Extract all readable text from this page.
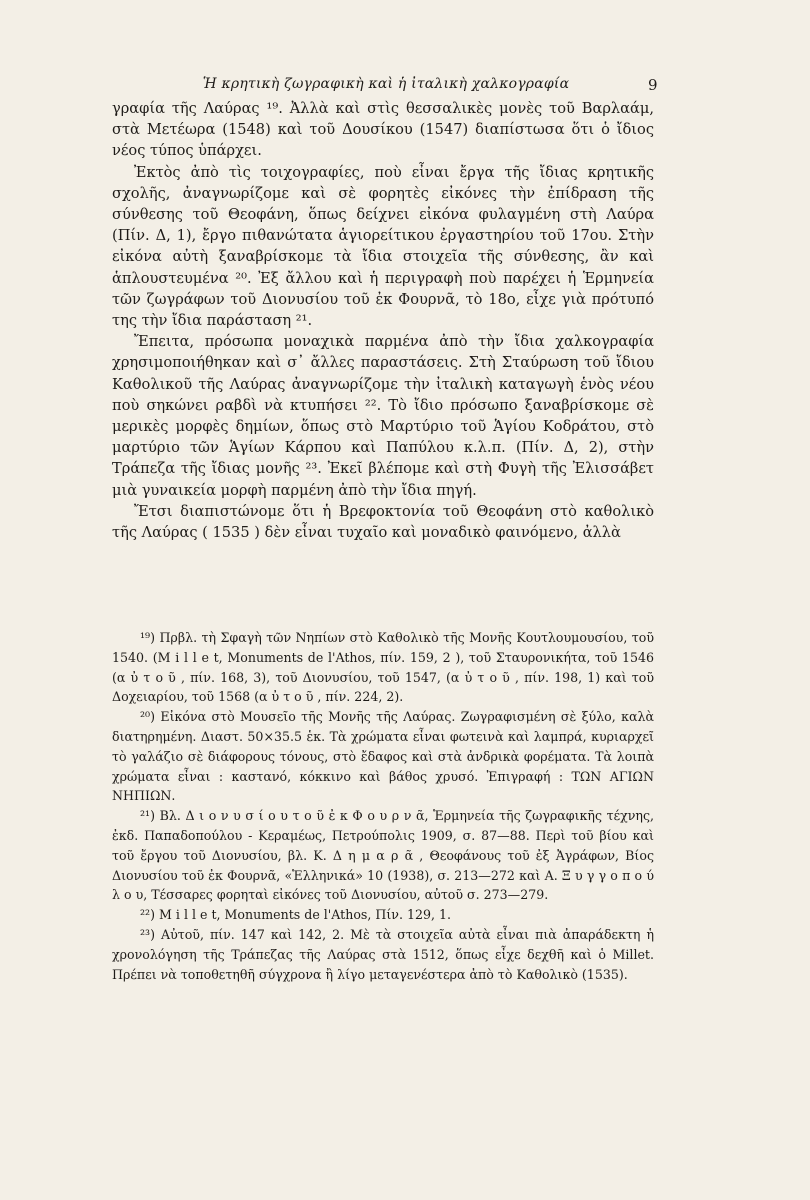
Ἡ κρητικὴ ζωγραφικὴ καὶ ἡ ἰταλικὴ χαλκογραφία	9

γραφία τῆς Λαύρας ¹⁹. Ἀλλὰ καὶ στὶς θεσσαλικὲς μονὲς τοῦ Βαρλαάμ, στὰ Μετέωρα (1548) καὶ τοῦ Δουσίκου (1547) διαπίστωσα ὅτι ὁ ἴδιος νέος τύπος ὑπάρχει.

Ἐκτὸς ἀπὸ τὶς τοιχογραφίες, ποὺ εἶναι ἔργα τῆς ἴδιας κρητικῆς σχολῆς, ἀναγνωρίζομε καὶ σὲ φορητὲς εἰκόνες τὴν ἐπίδραση τῆς σύνθεσης τοῦ Θεοφάνη, ὅπως δείχνει εἰκόνα φυλαγμένη στὴ Λαύρα (Πίν. Δ, 1), ἔργο πιθανώτατα ἁγιορείτικου ἐργαστηρίου τοῦ 17ου. Στὴν εἰκόνα αὐτὴ ξαναβρίσκομε τὰ ἴδια στοιχεῖα τῆς σύνθεσης, ἂν καὶ ἁπλουστευμένα ²⁰. Ἐξ ἄλλου καὶ ἡ περιγραφὴ ποὺ παρέχει ἡ Ἑρμηνεία τῶν ζωγράφων τοῦ Διονυσίου τοῦ ἐκ Φουρνᾶ, τὸ 18ο, εἶχε γιὰ πρότυπό της τὴν ἴδια παράσταση ²¹.

Ἔπειτα, πρόσωπα μοναχικὰ παρμένα ἀπὸ τὴν ἴδια χαλκογραφία χρησιμοποιήθηκαν καὶ σ᾽ ἄλλες παραστάσεις. Στὴ Σταύρωση τοῦ ἴδιου Καθολικοῦ τῆς Λαύρας ἀναγνωρίζομε τὴν ἰταλικὴ καταγωγὴ ἑνὸς νέου ποὺ σηκώνει ραβδὶ νὰ κτυπήσει ²². Τὸ ἴδιο πρόσωπο ξαναβρίσκομε σὲ μερικὲς μορφὲς δημίων, ὅπως στὸ Μαρτύριο τοῦ Ἁγίου Κοδράτου, στὸ μαρτύριο τῶν Ἁγίων Κάρπου καὶ Παπύλου κ.λ.π. (Πίν. Δ, 2), στὴν Τράπεζα τῆς ἴδιας μονῆς ²³. Ἐκεῖ βλέπομε καὶ στὴ Φυγὴ τῆς Ἐλισσάβετ μιὰ γυναικεία μορφὴ παρμένη ἀπὸ τὴν ἴδια πηγή.

Ἔτσι διαπιστώνομε ὅτι ἡ Βρεφοκτονία τοῦ Θεοφάνη στὸ καθολικὸ τῆς Λαύρας ( 1535 ) δὲν εἶναι τυχαῖο καὶ μοναδικὸ φαινόμενο, ἀλλὰ

¹⁹) Πρβλ. τὴ Σφαγὴ τῶν Νηπίων στὸ Καθολικὸ τῆς Μονῆς Κουτλουμουσίου, τοῦ 1540. (M i l l e t, Monuments de l'Athos, πίν. 159, 2 ), τοῦ Σταυρονικήτα, τοῦ 1546 (α ὐ τ ο ῦ , πίν. 168, 3), τοῦ Διονυσίου, τοῦ 1547, (α ὐ τ ο ῦ , πίν. 198, 1) καὶ τοῦ Δοχειαρίου, τοῦ 1568 (α ὐ τ ο ῦ , πίν. 224, 2).

²⁰) Εἰκόνα στὸ Μουσεῖο τῆς Μονῆς τῆς Λαύρας. Ζωγραφισμένη σὲ ξύλο, καλὰ διατηρημένη. Διαστ. 50×35.5 ἑκ. Τὰ χρώματα εἶναι φωτεινὰ καὶ λαμπρά, κυριαρχεῖ τὸ γαλάζιο σὲ διάφορους τόνους, στὸ ἔδαφος καὶ στὰ ἀνδρικὰ φορέματα. Τὰ λοιπὰ χρώματα εἶναι : καστανό, κόκκινο καὶ βάθος χρυσό. Ἐπιγραφή : ΤΩΝ ΑΓΙΩΝ ΝΗΠΙΩΝ.

²¹) Βλ. Δ ι ο ν υ σ ί ο υ τ ο ῦ ἐ κ Φ ο υ ρ ν ᾶ, Ἑρμηνεία τῆς ζωγραφικῆς τέχνης, ἐκδ. Παπαδοπούλου - Κεραμέως, Πετρούπολις 1909, σ. 87—88. Περὶ τοῦ βίου καὶ τοῦ ἔργου τοῦ Διονυσίου, βλ. Κ. Δ η μ α ρ ᾶ , Θεοφάνους τοῦ ἐξ Ἀγράφων, Βίος Διονυσίου τοῦ ἐκ Φουρνᾶ, «Ἑλληνικά» 10 (1938), σ. 213—272 καὶ Α. Ξ υ γ γ ο π ο ύ λ ο υ, Τέσσαρες φορηταὶ εἰκόνες τοῦ Διονυσίου, αὐτοῦ σ. 273—279.

²²) M i l l e t, Monuments de l'Athos, Πίν. 129, 1.

²³) Αὐτοῦ, πίν. 147 καὶ 142, 2. Μὲ τὰ στοιχεῖα αὐτὰ εἶναι πιὰ ἀπαράδεκτη ἡ χρονολόγηση τῆς Τράπεζας τῆς Λαύρας στὰ 1512, ὅπως εἶχε δεχθῆ καὶ ὁ Millet. Πρέπει νὰ τοποθετηθῆ σύγχρονα ἢ λίγο μεταγενέστερα ἀπὸ τὸ Καθολικὸ (1535).
